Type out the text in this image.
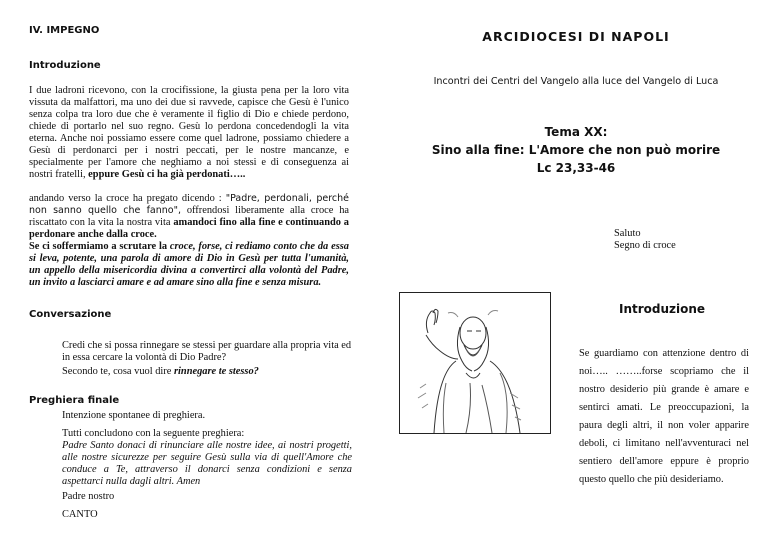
IV. IMPEGNO
Introduzione

I due ladroni ricevono, con la crocifissione, la giusta pena per la loro vita vissuta da malfattori, ma uno dei due si ravvede, capisce che Gesù è l'unico senza colpa tra loro due che è veramente il figlio di Dio e chiede perdono, chiede di portarlo nel suo regno. Gesù lo perdona concedendogli la vita eterna. Anche noi possiamo essere come quel ladrone, possiamo chiedere a Gesù di perdonarci per i nostri peccati, per le nostre mancanze, e specialmente per l'amore che neghiamo a noi stessi e di conseguenza ai nostri fratelli, eppure Gesù ci ha già perdonati…..

andando verso la croce ha pregato dicendo : "Padre, perdonali, perché non sanno quello che fanno", offrendosi liberamente alla croce ha riscattato con la vita la nostra vita amandoci fino alla fine e continuando a perdonare anche dalla croce.

Se ci soffermiamo a scrutare la croce, forse, ci rediamo conto che da essa si leva, potente, una parola di amore di Dio in Gesù per tutta l'umanità, un appello della misericordia divina a convertirci alla volontà del Padre, un invito a lasciarci amare e ad amare sino alla fine e senza misura.

Conversazione

Credi che si possa rinnegare se stessi per guardare alla propria vita ed in essa cercare la volontà di Dio Padre?

Secondo te, cosa vuol dire rinnegare te stesso?

Preghiera finale

Intenzione spontanee di preghiera.

Tutti concludono con la seguente preghiera:

Padre Santo donaci di rinunciare alle nostre idee, ai nostri progetti, alle nostre sicurezze per seguire Gesù sulla via di quell'Amore che conduce a Te, attraverso il donarci senza condizioni e senza aspettarci nulla dagli altri. Amen

Padre nostro

CANTO

ARCIDIOCESI DI NAPOLI
Incontri dei Centri del Vangelo alla luce del Vangelo di Luca
Tema XX:
Sino alla fine: L'Amore che non può morire
Lc 23,33-46
Saluto
Segno di croce
Introduzione

Se guardiamo con attenzione dentro di noi….. ……..forse scopriamo che il nostro desiderio più grande è amare e sentirci amati. Le preoccupazioni, la paura degli altri, il non voler apparire deboli, ci limitano nell'avventuraci nel sentiero dell'amore eppure è proprio questo quello che più desideriamo.
